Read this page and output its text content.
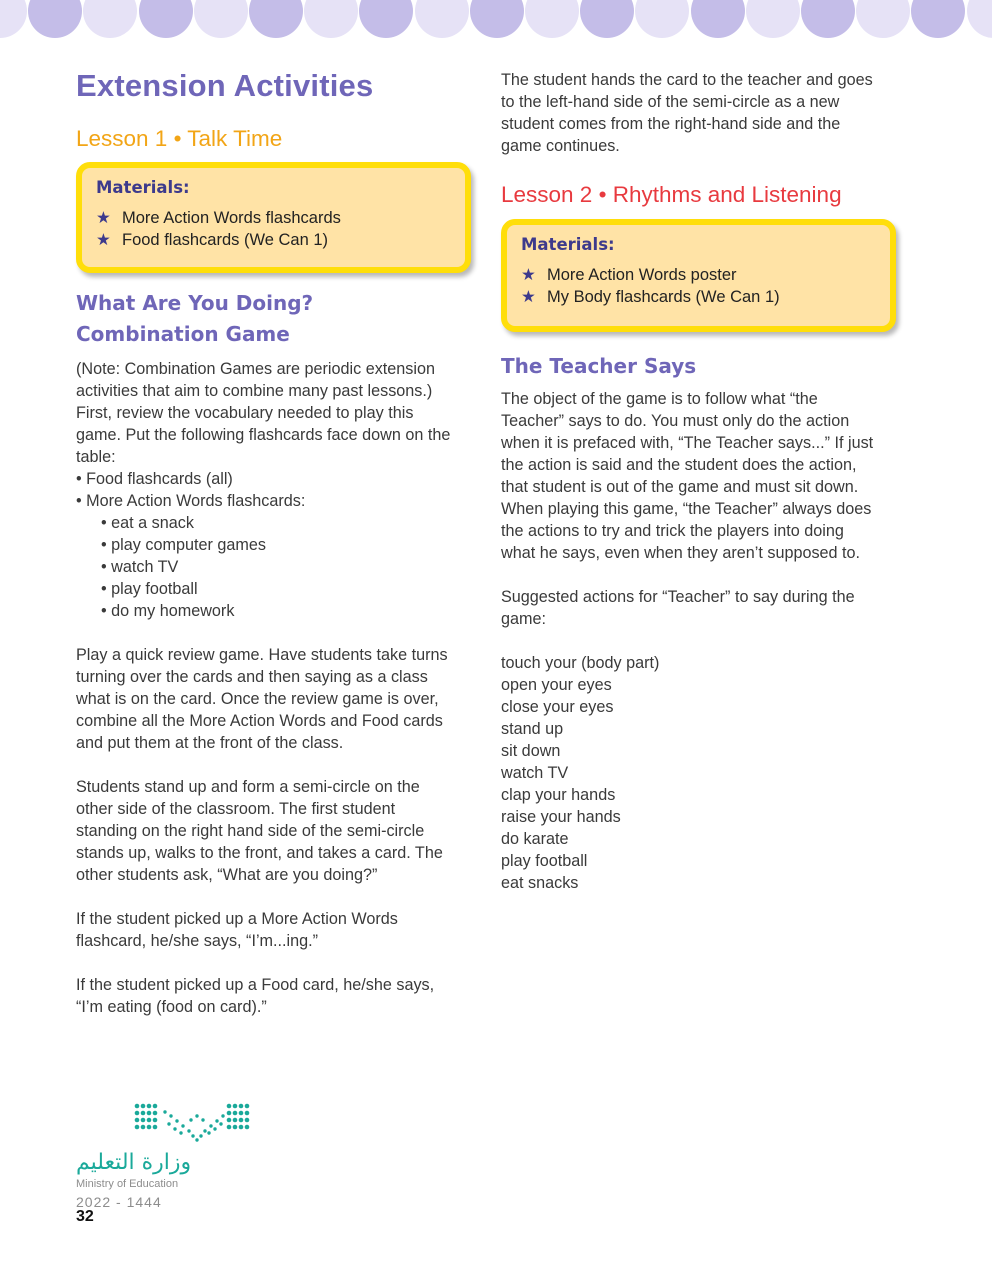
Extension Activities
Lesson 1 • Talk Time
Materials:
★ More Action Words flashcards
★ Food flashcards (We Can 1)
What Are You Doing?
Combination Game
(Note: Combination Games are periodic extension
activities that aim to combine many past lessons.)
First, review the vocabulary needed to play this
game. Put the following flashcards face down on the
table:
• Food flashcards (all)
• More Action Words flashcards:
• eat a snack
• play computer games
• watch TV
• play football
• do my homework

Play a quick review game. Have students take turns
turning over the cards and then saying as a class
what is on the card. Once the review game is over,
combine all the More Action Words and Food cards
and put them at the front of the class.

Students stand up and form a semi-circle on the
other side of the classroom. The first student
standing on the right hand side of the semi-circle
stands up, walks to the front, and takes a card. The
other students ask, “What are you doing?”

If the student picked up a More Action Words
flashcard, he/she says, “I’m...ing.”

If the student picked up a Food card, he/she says,
“I’m eating (food on card).”

The student hands the card to the teacher and goes
to the left-hand side of the semi-circle as a new
student comes from the right-hand side and the
game continues.
Lesson 2 • Rhythms and Listening
Materials:
★ More Action Words poster
★ My Body flashcards (We Can 1)
The Teacher Says

The object of the game is to follow what “the
Teacher” says to do. You must only do the action
when it is prefaced with, “The Teacher says...” If just
the action is said and the student does the action,
that student is out of the game and must sit down.
When playing this game, “the Teacher” always does
the actions to try and trick the players into doing
what he says, even when they aren’t supposed to.

Suggested actions for “Teacher” to say during the
game:

touch your (body part)
open your eyes
close your eyes
stand up
sit down
watch TV
clap your hands
raise your hands
do karate
play football
eat snacks
وزارة التعليم
Ministry of Education
2022 - 1444
32
